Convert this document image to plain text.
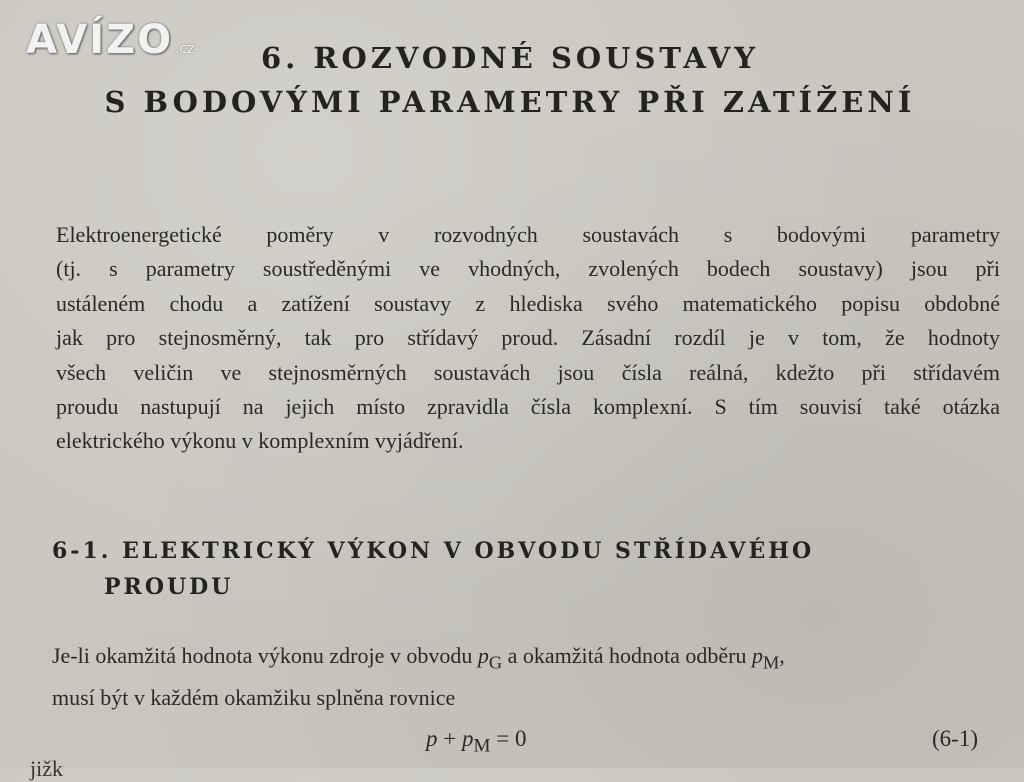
AVÍZO .cz	6. ROZVODNÉ SOUSTAVY
S BODOVÝMI PARAMETRY PŘI ZATÍŽENÍ

Elektroenergetické poměry v rozvodných soustavách s bodovými parametry
(tj. s parametry soustředěnými ve vhodných, zvolených bodech soustavy) jsou při
ustáleném chodu a zatížení soustavy z hlediska svého matematického popisu obdobné
jak pro stejnosměrný, tak pro střídavý proud. Zásadní rozdíl je v tom, že hodnoty
všech veličin ve stejnosměrných soustavách jsou čísla reálná, kdežto při střídavém
proudu nastupují na jejich místo zpravidla čísla komplexní. S tím souvisí také otázka
elektrického výkonu v komplexním vyjádření.

6-1. ELEKTRICKÝ VÝKON V OBVODU STŘÍDAVÉHO
PROUDU

Je-li okamžitá hodnota výkonu zdroje v obvodu $p_G$ a okamžitá hodnota odběru $p_M$,
musí být v každém okamžiku splněna rovnice

$p + p_M = 0$	(6-1)
jižk
